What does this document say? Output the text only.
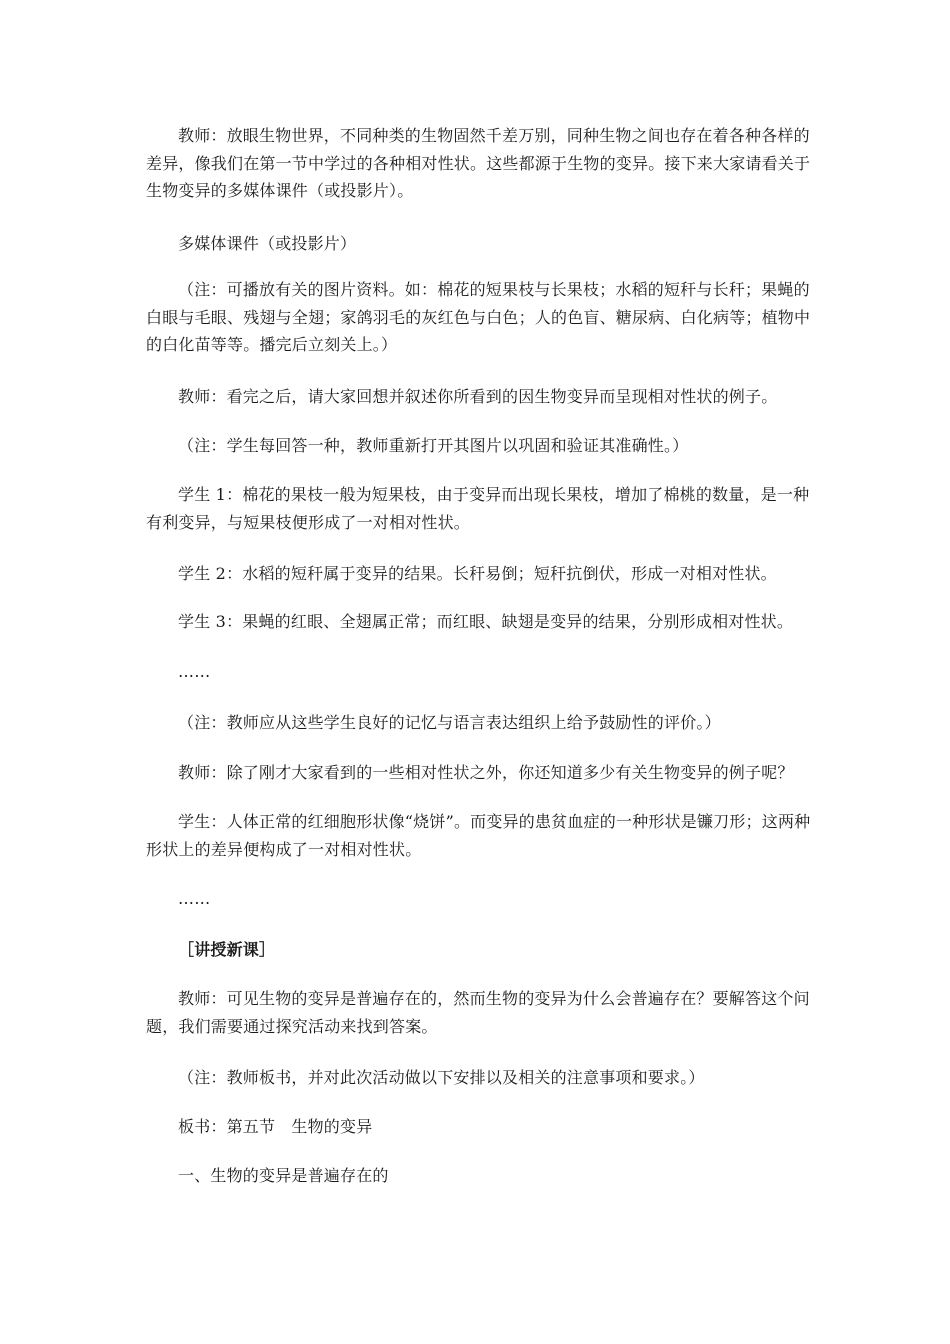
教师：放眼生物世界，不同种类的生物固然千差万别，同种生物之间也存在着各种各样的差异，像我们在第一节中学过的各种相对性状。这些都源于生物的变异。接下来大家请看关于生物变异的多媒体课件（或投影片）。

多媒体课件（或投影片）

（注：可播放有关的图片资料。如：棉花的短果枝与长果枝；水稻的短秆与长秆；果蝇的白眼与毛眼、残翅与全翅；家鸽羽毛的灰红色与白色；人的色盲、糖尿病、白化病等；植物中的白化苗等等。播完后立刻关上。）

教师：看完之后，请大家回想并叙述你所看到的因生物变异而呈现相对性状的例子。

（注：学生每回答一种，教师重新打开其图片以巩固和验证其准确性。）

学生 1：棉花的果枝一般为短果枝，由于变异而出现长果枝，增加了棉桃的数量，是一种有利变异，与短果枝便形成了一对相对性状。

学生 2：水稻的短秆属于变异的结果。长秆易倒；短秆抗倒伏，形成一对相对性状。

学生 3：果蝇的红眼、全翅属正常；而红眼、缺翅是变异的结果，分别形成相对性状。

……

（注：教师应从这些学生良好的记忆与语言表达组织上给予鼓励性的评价。）

教师：除了刚才大家看到的一些相对性状之外，你还知道多少有关生物变异的例子呢？

学生：人体正常的红细胞形状像“烧饼”。而变异的患贫血症的一种形状是镰刀形；这两种形状上的差异便构成了一对相对性状。

……

［讲授新课］

教师：可见生物的变异是普遍存在的，然而生物的变异为什么会普遍存在？要解答这个问题，我们需要通过探究活动来找到答案。

（注：教师板书，并对此次活动做以下安排以及相关的注意事项和要求。）

板书：第五节　生物的变异

一、生物的变异是普遍存在的
